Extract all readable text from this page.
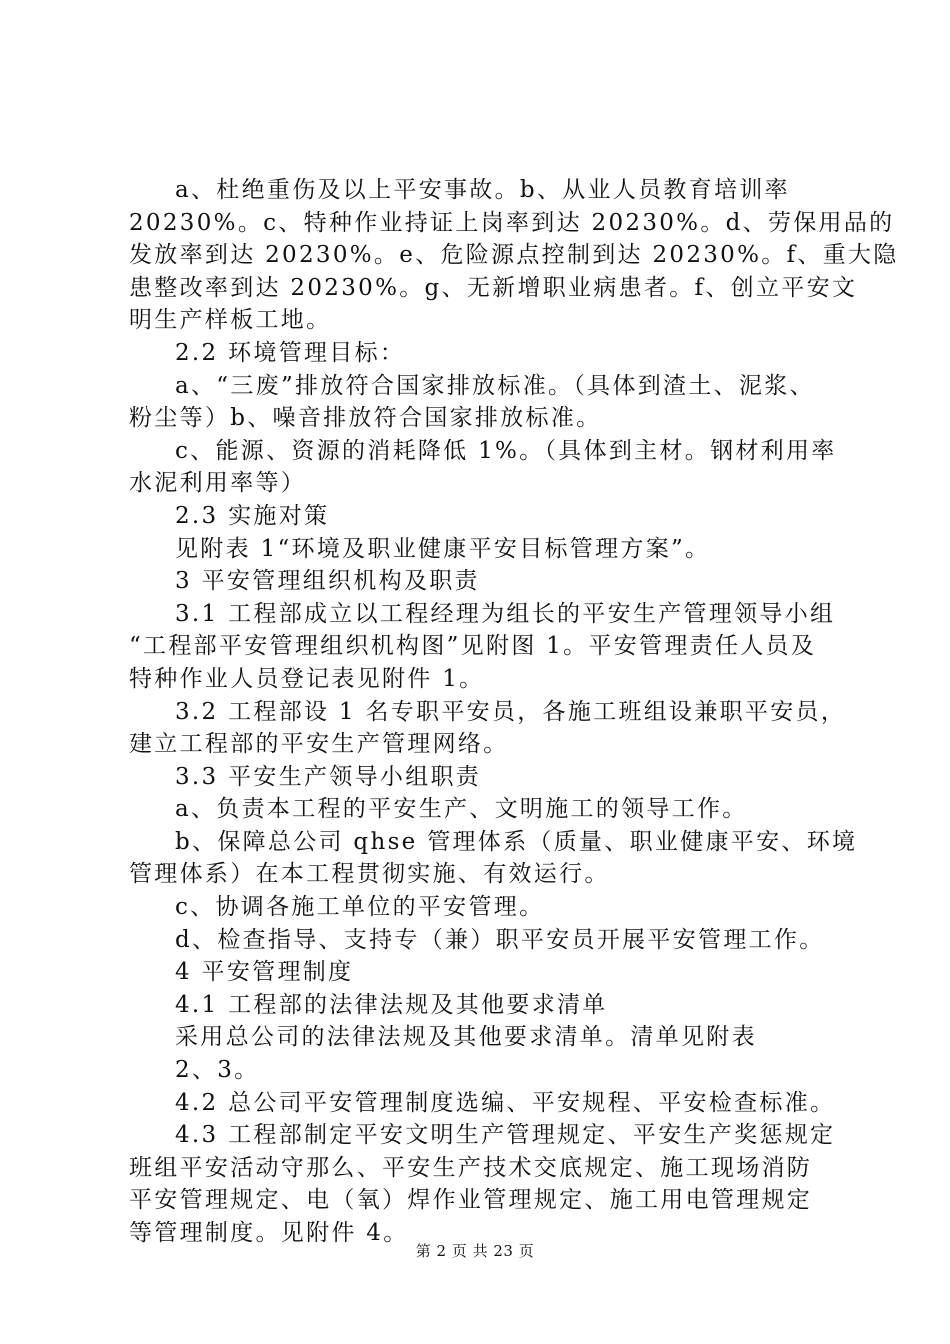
a、杜绝重伤及以上平安事故。b、从业人员教育培训率
20230%。c、特种作业持证上岗率到达 20230%。d、劳保用品的
发放率到达 20230%。e、危险源点控制到达 20230%。f、重大隐
患整改率到达 20230%。g、无新增职业病患者。f、创立平安文
明生产样板工地。
2.2 环境管理目标：
a、“三废”排放符合国家排放标准。（具体到渣土、泥浆、
粉尘等）b、噪音排放符合国家排放标准。
c、能源、资源的消耗降低 1%。（具体到主材。钢材利用率
水泥利用率等）
2.3 实施对策
见附表 1“环境及职业健康平安目标管理方案”。
3 平安管理组织机构及职责
3.1 工程部成立以工程经理为组长的平安生产管理领导小组
“工程部平安管理组织机构图”见附图 1。平安管理责任人员及
特种作业人员登记表见附件 1。
3.2 工程部设 1 名专职平安员，各施工班组设兼职平安员，
建立工程部的平安生产管理网络。
3.3 平安生产领导小组职责
a、负责本工程的平安生产、文明施工的领导工作。
b、保障总公司 qhse 管理体系（质量、职业健康平安、环境
管理体系）在本工程贯彻实施、有效运行。
c、协调各施工单位的平安管理。
d、检查指导、支持专（兼）职平安员开展平安管理工作。
4 平安管理制度
4.1 工程部的法律法规及其他要求清单
采用总公司的法律法规及其他要求清单。清单见附表
2、3。
4.2 总公司平安管理制度选编、平安规程、平安检查标准。
4.3 工程部制定平安文明生产管理规定、平安生产奖惩规定
班组平安活动守那么、平安生产技术交底规定、施工现场消防
平安管理规定、电（氧）焊作业管理规定、施工用电管理规定
等管理制度。见附件 4。
第 2 页 共 23 页
